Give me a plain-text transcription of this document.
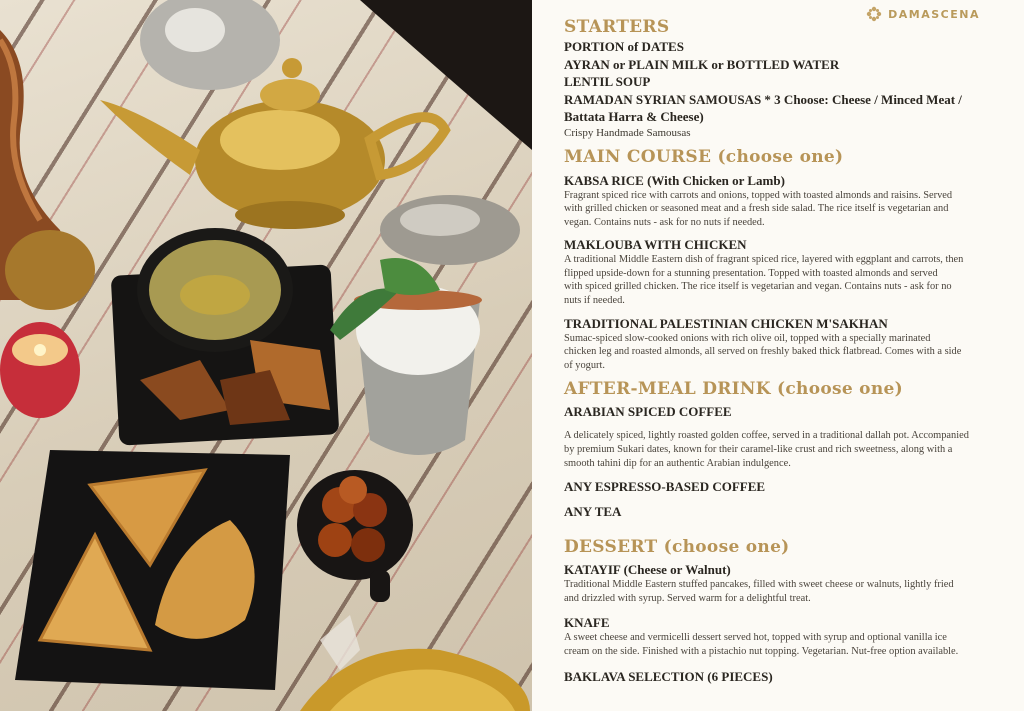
DAMASCENA

STARTERS

PORTION of DATES

AYRAN or PLAIN MILK or BOTTLED WATER

LENTIL SOUP

RAMADAN SYRIAN SAMOUSAS * 3 Choose: Cheese / Minced Meat /

Battata Harra & Cheese)

Crispy Handmade Samousas

MAIN COURSE (choose one)

KABSA RICE (With Chicken or Lamb)

Fragrant spiced rice with carrots and onions, topped with toasted almonds and raisins. Served

with grilled chicken or seasoned meat and a fresh side salad. The rice itself is vegetarian and

vegan. Contains nuts - ask for no nuts if needed.

MAKLOUBA WITH CHICKEN

A traditional Middle Eastern dish of fragrant spiced rice, layered with eggplant and carrots, then

flipped upside-down for a stunning presentation. Topped with toasted almonds and served

with spiced grilled chicken. The rice itself is vegetarian and vegan. Contains nuts - ask for no

nuts if needed.

TRADITIONAL PALESTINIAN CHICKEN M'SAKHAN

Sumac-spiced slow-cooked onions with rich olive oil, topped with a specially marinated

chicken leg and roasted almonds, all served on freshly baked thick flatbread. Comes with a side

of yogurt.

AFTER-MEAL DRINK (choose one)

ARABIAN SPICED COFFEE

A delicately spiced, lightly roasted golden coffee, served in a traditional dallah pot. Accompanied

by premium Sukari dates, known for their caramel-like crust and rich sweetness, along with a

smooth tahini dip for an authentic Arabian indulgence.

ANY ESPRESSO-BASED COFFEE

ANY TEA

DESSERT (choose one)

KATAYIF (Cheese or Walnut)

Traditional Middle Eastern stuffed pancakes, filled with sweet cheese or walnuts, lightly fried

and drizzled with syrup. Served warm for a delightful treat.

KNAFE

A sweet cheese and vermicelli dessert served hot, topped with syrup and optional vanilla ice

cream on the side. Finished with a pistachio nut topping. Vegetarian. Nut-free option available.

BAKLAVA SELECTION (6 PIECES)
